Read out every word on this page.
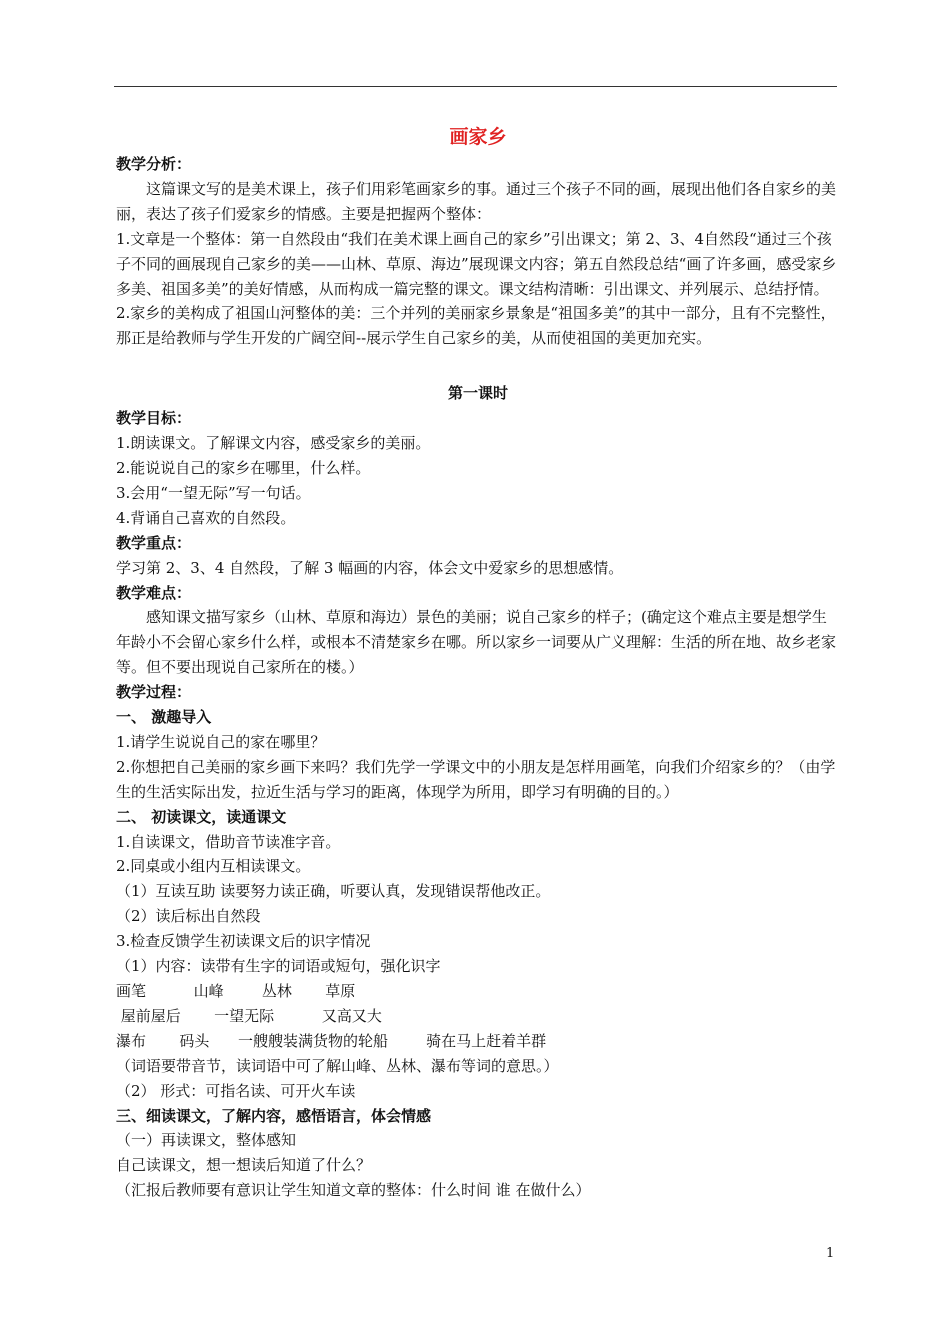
画家乡
教学分析：

这篇课文写的是美术课上，孩子们用彩笔画家乡的事。通过三个孩子不同的画，展现出他们各自家乡的美丽，表达了孩子们爱家乡的情感。主要是把握两个整体：

1.文章是一个整体：第一自然段由“我们在美术课上画自己的家乡”引出课文；第 2、3、4自然段“通过三个孩子不同的画展现自己家乡的美——山林、草原、海边”展现课文内容；第五自然段总结“画了许多画，感受家乡多美、祖国多美”的美好情感，从而构成一篇完整的课文。课文结构清晰：引出课文、并列展示、总结抒情。

2.家乡的美构成了祖国山河整体的美：三个并列的美丽家乡景象是“祖国多美”的其中一部分，且有不完整性，那正是给教师与学生开发的广阔空间--展示学生自己家乡的美，从而使祖国的美更加充实。

第一课时
教学目标：
1.朗读课文。了解课文内容，感受家乡的美丽。
2.能说说自己的家乡在哪里，什么样。
3.会用“一望无际”写一句话。
4.背诵自己喜欢的自然段。
教学重点：
学习第 2、3、4 自然段，了解 3 幅画的内容，体会文中爱家乡的思想感情。
教学难点：

感知课文描写家乡（山林、草原和海边）景色的美丽；说自己家乡的样子；(确定这个难点主要是想学生年龄小不会留心家乡什么样，或根本不清楚家乡在哪。所以家乡一词要从广义理解：生活的所在地、故乡老家等。但不要出现说自己家所在的楼。）

教学过程：
一、 激趣导入
1.请学生说说自己的家在哪里？
2.你想把自己美丽的家乡画下来吗？我们先学一学课文中的小朋友是怎样用画笔，向我们介绍家乡的？（由学生的生活实际出发，拉近生活与学习的距离，体现学为所用，即学习有明确的目的。）
二、 初读课文，读通课文
1.自读课文，借助音节读准字音。
2.同桌或小组内互相读课文。
（1）互读互助 读要努力读正确，听要认真，发现错误帮他改正。
（2）读后标出自然段
3.检查反馈学生初读课文后的识字情况
（1）内容：读带有生字的词语或短句，强化识字
画笔          山峰        丛林       草原
屋前屋后       一望无际          又高又大
瀑布       码头      一艘艘装满货物的轮船        骑在马上赶着羊群
（词语要带音节，读词语中可了解山峰、丛林、瀑布等词的意思。）
（2） 形式：可指名读、可开火车读
三、细读课文，了解内容，感悟语言，体会情感
（一）再读课文，整体感知
自己读课文，想一想读后知道了什么？
（汇报后教师要有意识让学生知道文章的整体：什么时间 谁 在做什么）
1
